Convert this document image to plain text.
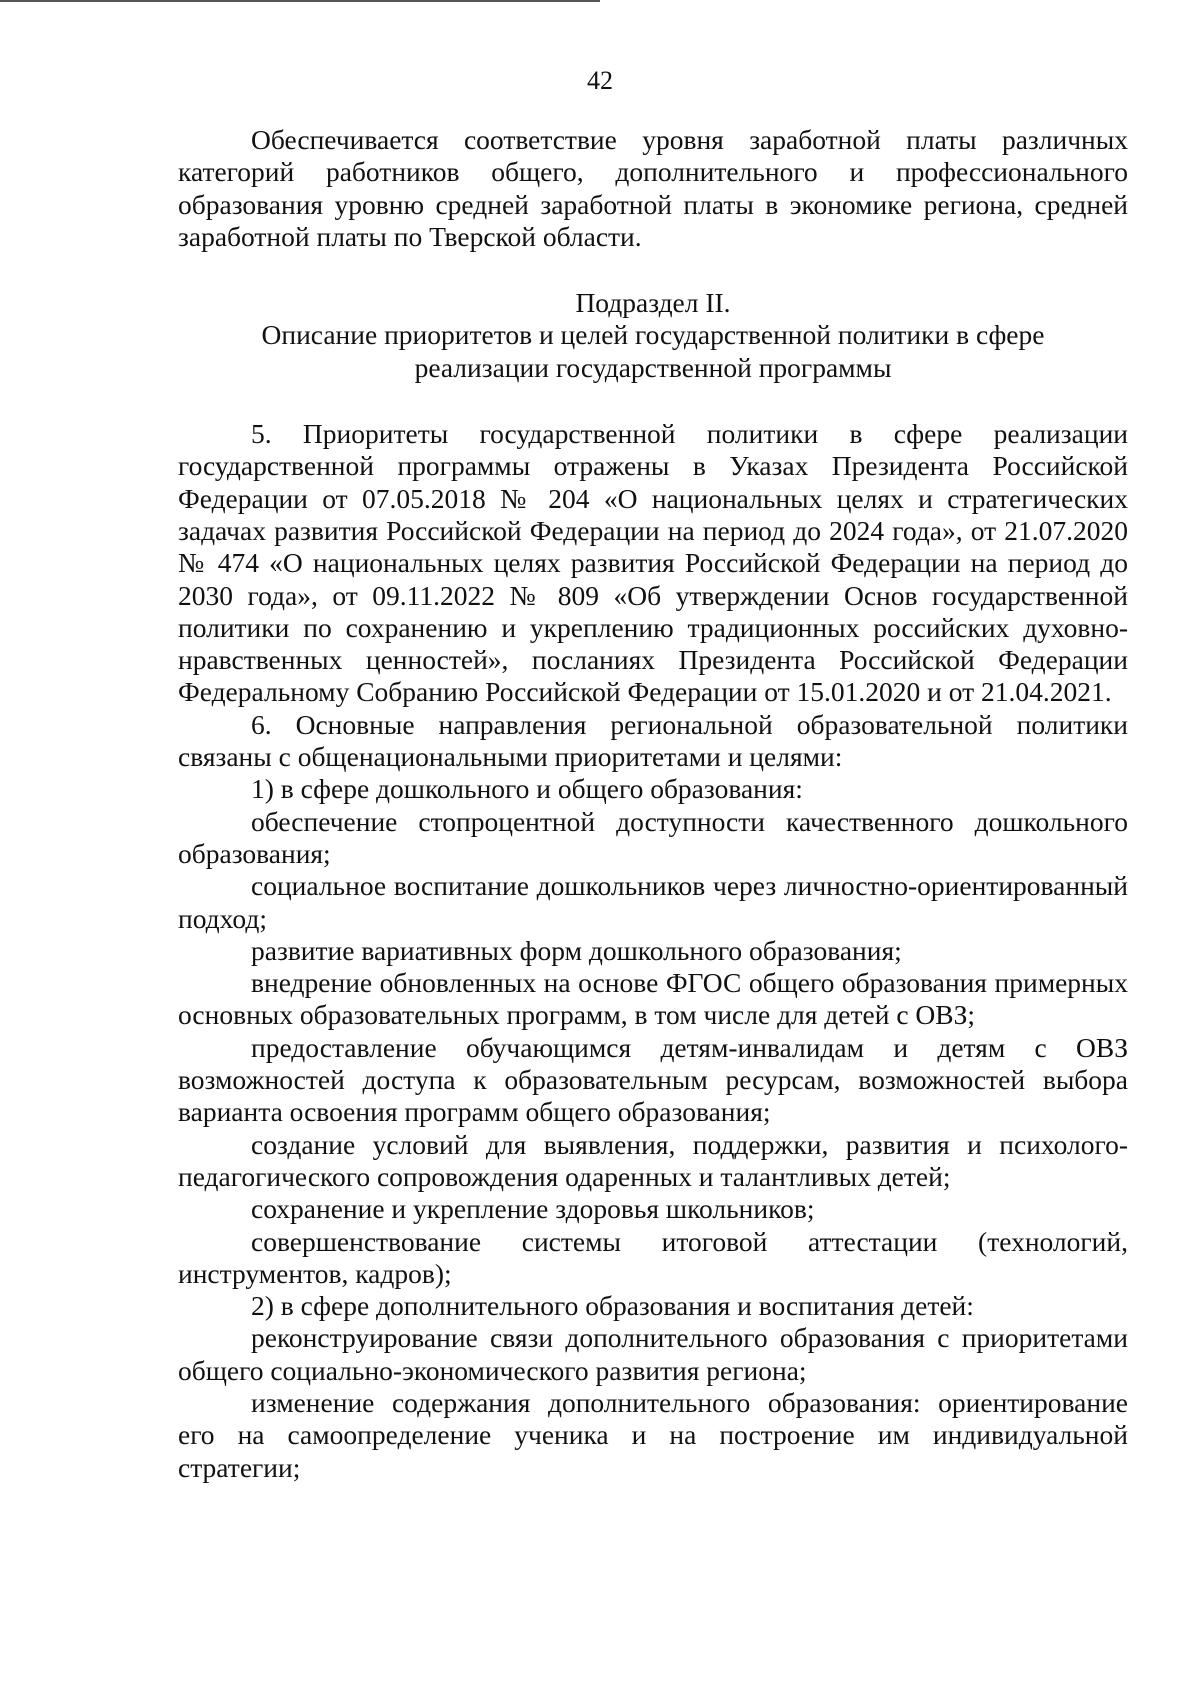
42

Обеспечивается соответствие уровня заработной платы различных категорий работников общего, дополнительного и профессионального образования уровню средней заработной платы в экономике региона, средней заработной платы по Тверской области.

Подраздел II.
Описание приоритетов и целей государственной политики в сфере
реализации государственной программы

5. Приоритеты государственной политики в сфере реализации государственной программы отражены в Указах Президента Российской Федерации от 07.05.2018 № 204 «О национальных целях и стратегических задачах развития Российской Федерации на период до 2024 года», от 21.07.2020 № 474 «О национальных целях развития Российской Федерации на период до 2030 года», от 09.11.2022 № 809 «Об утверждении Основ государственной политики по сохранению и укреплению традиционных российских духовно-нравственных ценностей», посланиях Президента Российской Федерации Федеральному Собранию Российской Федерации от 15.01.2020 и от 21.04.2021.

6. Основные направления региональной образовательной политики связаны с общенациональными приоритетами и целями:

1) в сфере дошкольного и общего образования:

обеспечение стопроцентной доступности качественного дошкольного образования;

социальное воспитание дошкольников через личностно-ориентированный подход;

развитие вариативных форм дошкольного образования;

внедрение обновленных на основе ФГОС общего образования примерных основных образовательных программ, в том числе для детей с ОВЗ;

предоставление обучающимся детям-инвалидам и детям с ОВЗ возможностей доступа к образовательным ресурсам, возможностей выбора варианта освоения программ общего образования;

создание условий для выявления, поддержки, развития и психолого-педагогического сопровождения одаренных и талантливых детей;

сохранение и укрепление здоровья школьников;

совершенствование системы итоговой аттестации (технологий, инструментов, кадров);

2) в сфере дополнительного образования и воспитания детей:

реконструирование связи дополнительного образования с приоритетами общего социально-экономического развития региона;

изменение содержания дополнительного образования: ориентирование его на самоопределение ученика и на построение им индивидуальной стратегии;
